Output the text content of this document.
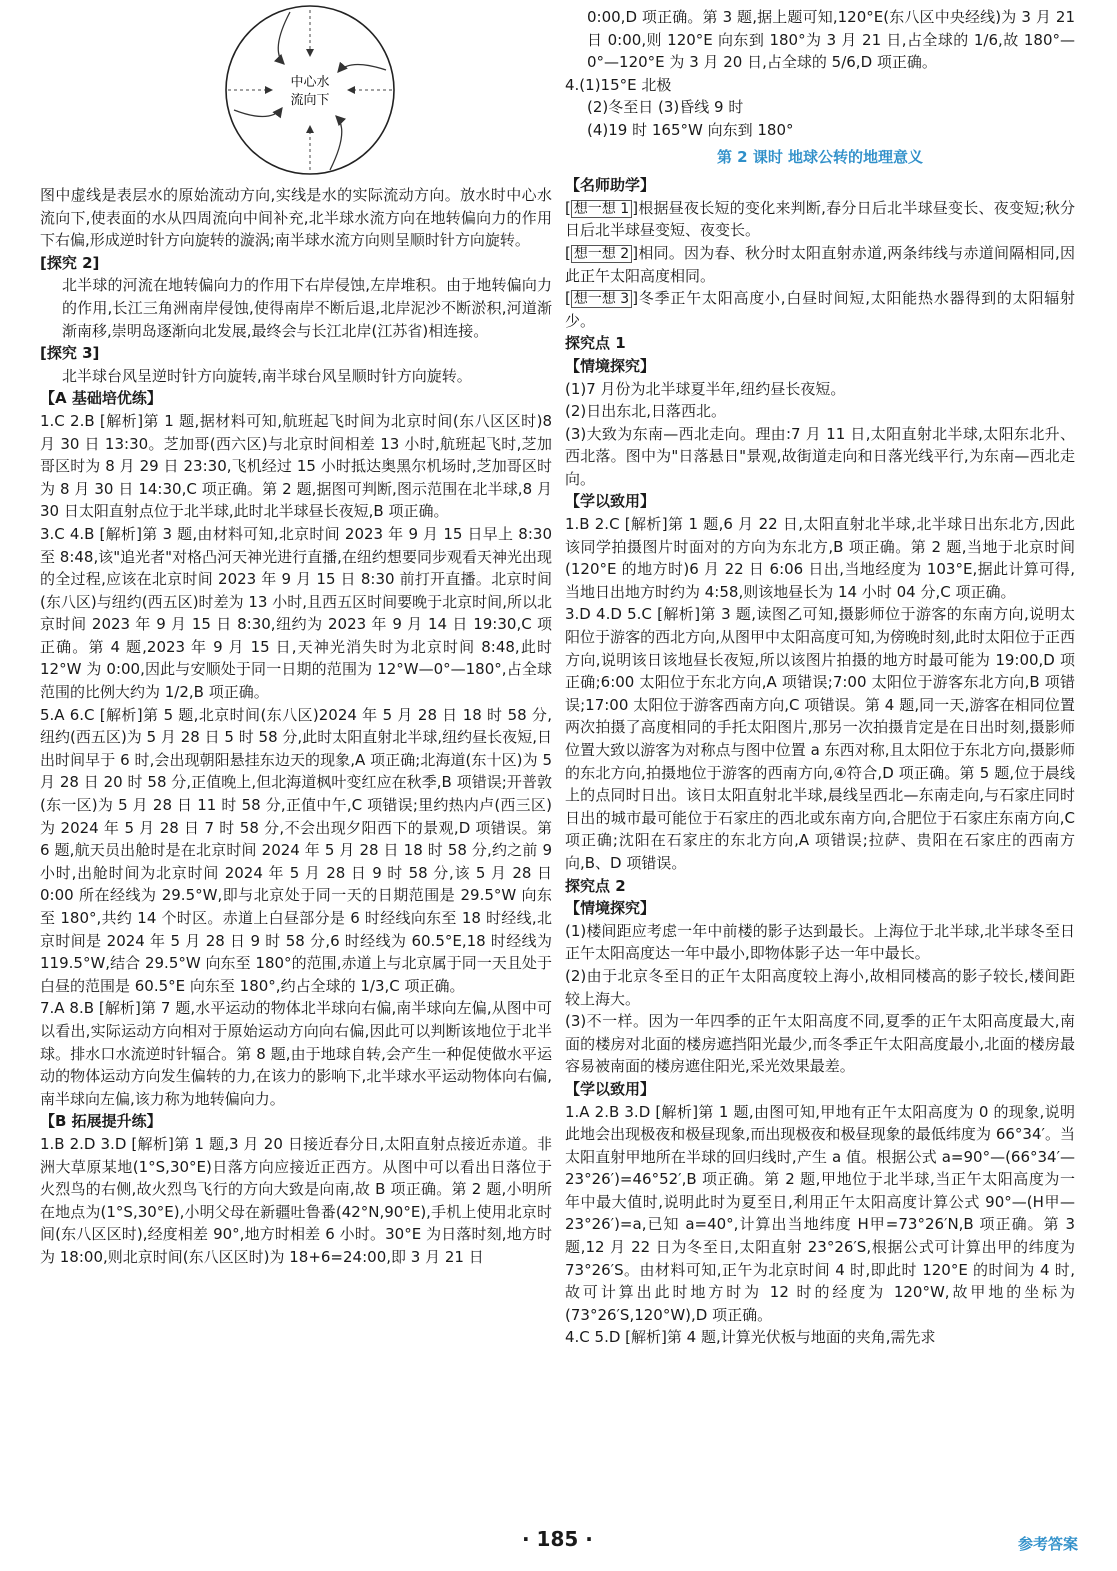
中心水
流向下

图中虚线是表层水的原始流动方向,实线是水的实际流动方向。放水时中心水流向下,使表面的水从四周流向中间补充,北半球水流方向在地转偏向力的作用下右偏,形成逆时针方向旋转的漩涡;南半球水流方向则呈顺时针方向旋转。

[探究 2]

北半球的河流在地转偏向力的作用下右岸侵蚀,左岸堆积。由于地转偏向力的作用,长江三角洲南岸侵蚀,使得南岸不断后退,北岸泥沙不断淤积,河道渐渐南移,崇明岛逐渐向北发展,最终会与长江北岸(江苏省)相连接。

[探究 3]

北半球台风呈逆时针方向旋转,南半球台风呈顺时针方向旋转。

【A 基础培优练】

1.C 2.B [解析]第 1 题,据材料可知,航班起飞时间为北京时间(东八区区时)8 月 30 日 13:30。芝加哥(西六区)与北京时间相差 13 小时,航班起飞时,芝加哥区时为 8 月 29 日 23:30,飞机经过 15 小时抵达奥黑尔机场时,芝加哥区时为 8 月 30 日 14:30,C 项正确。第 2 题,据图可判断,图示范围在北半球,8 月 30 日太阳直射点位于北半球,此时北半球昼长夜短,B 项正确。

3.C 4.B [解析]第 3 题,由材料可知,北京时间 2023 年 9 月 15 日早上 8:30 至 8:48,该"追光者"对格凸河天神光进行直播,在纽约想要同步观看天神光出现的全过程,应该在北京时间 2023 年 9 月 15 日 8:30 前打开直播。北京时间(东八区)与纽约(西五区)时差为 13 小时,且西五区时间要晚于北京时间,所以北京时间 2023 年 9 月 15 日 8:30,纽约为 2023 年 9 月 14 日 19:30,C 项正确。第 4 题,2023 年 9 月 15 日,天神光消失时为北京时间 8:48,此时 12°W 为 0:00,因此与安顺处于同一日期的范围为 12°W—0°—180°,占全球范围的比例大约为 1/2,B 项正确。

5.A 6.C [解析]第 5 题,北京时间(东八区)2024 年 5 月 28 日 18 时 58 分,纽约(西五区)为 5 月 28 日 5 时 58 分,此时太阳直射北半球,纽约昼长夜短,日出时间早于 6 时,会出现朝阳悬挂东边天的现象,A 项正确;北海道(东十区)为 5 月 28 日 20 时 58 分,正值晚上,但北海道枫叶变红应在秋季,B 项错误;开普敦(东一区)为 5 月 28 日 11 时 58 分,正值中午,C 项错误;里约热内卢(西三区)为 2024 年 5 月 28 日 7 时 58 分,不会出现夕阳西下的景观,D 项错误。第 6 题,航天员出舱时是在北京时间 2024 年 5 月 28 日 18 时 58 分,约之前 9 小时,出舱时间为北京时间 2024 年 5 月 28 日 9 时 58 分,该 5 月 28 日 0:00 所在经线为 29.5°W,即与北京处于同一天的日期范围是 29.5°W 向东至 180°,共约 14 个时区。赤道上白昼部分是 6 时经线向东至 18 时经线,北京时间是 2024 年 5 月 28 日 9 时 58 分,6 时经线为 60.5°E,18 时经线为 119.5°W,结合 29.5°W 向东至 180°的范围,赤道上与北京属于同一天且处于白昼的范围是 60.5°E 向东至 180°,约占全球的 1/3,C 项正确。

7.A 8.B [解析]第 7 题,水平运动的物体北半球向右偏,南半球向左偏,从图中可以看出,实际运动方向相对于原始运动方向向右偏,因此可以判断该地位于北半球。排水口水流逆时针辐合。第 8 题,由于地球自转,会产生一种促使做水平运动的物体运动方向发生偏转的力,在该力的影响下,北半球水平运动物体向右偏,南半球向左偏,该力称为地转偏向力。

【B 拓展提升练】

1.B 2.D 3.D [解析]第 1 题,3 月 20 日接近春分日,太阳直射点接近赤道。非洲大草原某地(1°S,30°E)日落方向应接近正西方。从图中可以看出日落位于火烈鸟的右侧,故火烈鸟飞行的方向大致是向南,故 B 项正确。第 2 题,小明所在地点为(1°S,30°E),小明父母在新疆吐鲁番(42°N,90°E),手机上使用北京时间(东八区区时),经度相差 90°,地方时相差 6 小时。30°E 为日落时刻,地方时为 18:00,则北京时间(东八区区时)为 18+6=24:00,即 3 月 21 日

0:00,D 项正确。第 3 题,据上题可知,120°E(东八区中央经线)为 3 月 21 日 0:00,则 120°E 向东到 180°为 3 月 21 日,占全球的 1/6,故 180°—0°—120°E 为 3 月 20 日,占全球的 5/6,D 项正确。

4.(1)15°E 北极

(2)冬至日 (3)昏线 9 时

(4)19 时 165°W 向东到 180°

第 2 课时 地球公转的地理意义

【名师助学】

[ 想一想 1 ]根据昼夜长短的变化来判断,春分日后北半球昼变长、夜变短;秋分日后北半球昼变短、夜变长。

[ 想一想 2 ]相同。因为春、秋分时太阳直射赤道,两条纬线与赤道间隔相同,因此正午太阳高度相同。

[ 想一想 3 ]冬季正午太阳高度小,白昼时间短,太阳能热水器得到的太阳辐射少。

探究点 1

【情境探究】

(1)7 月份为北半球夏半年,纽约昼长夜短。

(2)日出东北,日落西北。

(3)大致为东南—西北走向。理由:7 月 11 日,太阳直射北半球,太阳东北升、西北落。图中为"日落悬日"景观,故街道走向和日落光线平行,为东南—西北走向。

【学以致用】

1.B 2.C [解析]第 1 题,6 月 22 日,太阳直射北半球,北半球日出东北方,因此该同学拍摄图片时面对的方向为东北方,B 项正确。第 2 题,当地于北京时间(120°E 的地方时)6 月 22 日 6:06 日出,当地经度为 103°E,据此计算可得,当地日出地方时约为 4:58,则该地昼长为 14 小时 04 分,C 项正确。

3.D 4.D 5.C [解析]第 3 题,读图乙可知,摄影师位于游客的东南方向,说明太阳位于游客的西北方向,从图甲中太阳高度可知,为傍晚时刻,此时太阳位于正西方向,说明该日该地昼长夜短,所以该图片拍摄的地方时最可能为 19:00,D 项正确;6:00 太阳位于东北方向,A 项错误;7:00 太阳位于游客东北方向,B 项错误;17:00 太阳位于游客西南方向,C 项错误。第 4 题,同一天,游客在相同位置两次拍摄了高度相同的手托太阳图片,那另一次拍摄肯定是在日出时刻,摄影师位置大致以游客为对称点与图中位置 a 东西对称,且太阳位于东北方向,摄影师的东北方向,拍摄地位于游客的西南方向,④符合,D 项正确。第 5 题,位于晨线上的点同时日出。该日太阳直射北半球,晨线呈西北—东南走向,与石家庄同时日出的城市最可能位于石家庄的西北或东南方向,合肥位于石家庄东南方向,C 项正确;沈阳在石家庄的东北方向,A 项错误;拉萨、贵阳在石家庄的西南方向,B、D 项错误。

探究点 2

【情境探究】

(1)楼间距应考虑一年中前楼的影子达到最长。上海位于北半球,北半球冬至日正午太阳高度达一年中最小,即物体影子达一年中最长。

(2)由于北京冬至日的正午太阳高度较上海小,故相同楼高的影子较长,楼间距较上海大。

(3)不一样。因为一年四季的正午太阳高度不同,夏季的正午太阳高度最大,南面的楼房对北面的楼房遮挡阳光最少,而冬季正午太阳高度最小,北面的楼房最容易被南面的楼房遮住阳光,采光效果最差。

【学以致用】

1.A 2.B 3.D [解析]第 1 题,由图可知,甲地有正午太阳高度为 0 的现象,说明此地会出现极夜和极昼现象,而出现极夜和极昼现象的最低纬度为 66°34′。当太阳直射甲地所在半球的回归线时,产生 a 值。根据公式 a=90°—(66°34′—23°26′)=46°52′,B 项正确。第 2 题,甲地位于北半球,当正午太阳高度为一年中最大值时,说明此时为夏至日,利用正午太阳高度计算公式 90°—(H甲—23°26′)=a,已知 a=40°,计算出当地纬度 H甲=73°26′N,B 项正确。第 3 题,12 月 22 日为冬至日,太阳直射 23°26′S,根据公式可计算出甲的纬度为 73°26′S。由材料可知,正午为北京时间 4 时,即此时 120°E 的时间为 4 时,故可计算出此时地方时为 12 时的经度为 120°W,故甲地的坐标为(73°26′S,120°W),D 项正确。

4.C 5.D [解析]第 4 题,计算光伏板与地面的夹角,需先求

· 185 ·	参考答案
